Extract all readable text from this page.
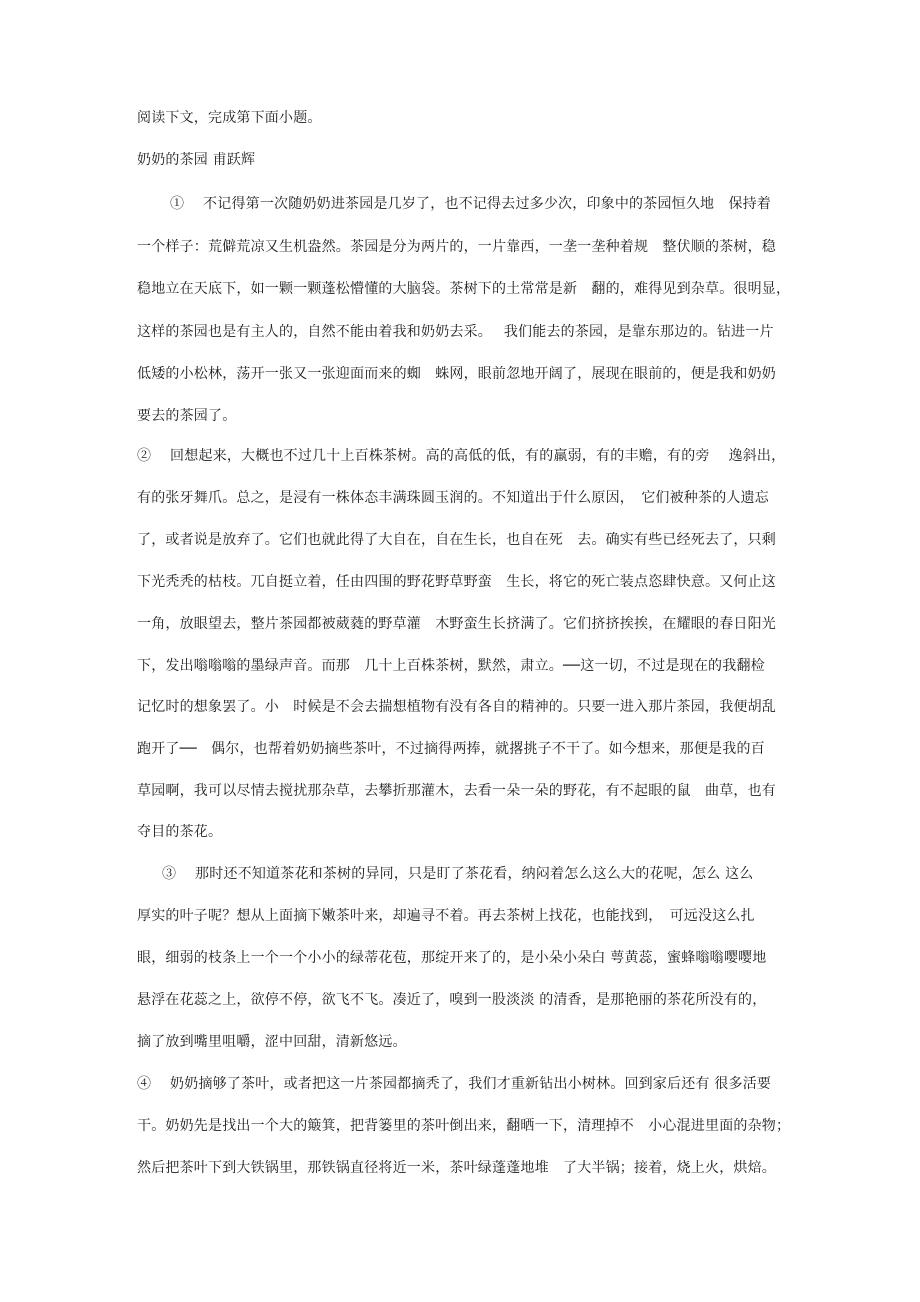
阅读下文，完成第下面小题。
奶奶的茶园 甫跃辉
①　 不记得第一次随奶奶进茶园是几岁了，也不记得去过多少次，印象中的茶园恒久地　保持着
一个样子：荒僻荒凉又生机盎然。茶园是分为两片的，一片靠西，一垄一垄种着规　整伏顺的茶树，稳
稳地立在天底下，如一颗一颗蓬松懵懂的大脑袋。茶树下的土常常是新　翻的，难得见到杂草。很明显，
这样的茶园也是有主人的，自然不能由着我和奶奶去采。　 我们能去的茶园，是靠东那边的。钻进一片
低矮的小松林，荡开一张又一张迎面而来的蜘　蛛网，眼前忽地开阔了，展现在眼前的，便是我和奶奶
要去的茶园了。
②　 回想起来，大概也不过几十上百株茶树。高的高低的低，有的羸弱，有的丰赡，有的旁　 逸斜出，
有的张牙舞爪。总之，是浸有一株体态丰满珠圆玉润的。不知道出于什么原因，　它们被种茶的人遗忘
了，或者说是放弃了。它们也就此得了大自在，自在生长，也自在死　去。确实有些已经死去了，只剩
下光秃秃的枯枝。兀自挺立着，任由四围的野花野草野蛮　生长，将它的死亡装点恣肆快意。又何止这
一角，放眼望去，整片茶园都被葳蕤的野草灌　木野蛮生长挤满了。它们挤挤挨挨，在耀眼的春日阳光
下，发出嗡嗡嗡的墨绿声音。而那　几十上百株茶树，默然，肃立。──这一切，不过是现在的我翻检
记忆时的想象罢了。小　时候是不会去揣想植物有没有各自的精神的。只要一进入那片茶园，我便胡乱
跑开了──　偶尔，也帮着奶奶摘些茶叶，不过摘得两捧，就撂挑子不干了。如今想来，那便是我的百
草园啊，我可以尽情去搅扰那杂草，去攀折那灌木，去看一朵一朵的野花，有不起眼的鼠　曲草，也有
夺目的茶花。
③　 那时还不知道茶花和茶树的异同，只是盯了茶花看，纳闷着怎么这么大的花呢，怎么 这么
厚实的叶子呢？想从上面摘下嫩茶叶来，却遍寻不着。再去茶树上找花，也能找到，　可远没这么扎
眼，细弱的枝条上一个一个小小的绿蒂花苞，那绽开来了的，是小朵小朵白 萼黄蕊，蜜蜂嗡嗡嘤嘤地
悬浮在花蕊之上，欲停不停，欲飞不飞。凑近了，嗅到一股淡淡 的清香，是那艳丽的茶花所没有的，
摘了放到嘴里咀嚼，涩中回甜，清新悠远。
④　 奶奶摘够了茶叶，或者把这一片茶园都摘秃了，我们才重新钻出小树林。回到家后还有 很多活要
干。奶奶先是找出一个大的簸箕，把背篓里的茶叶倒出来，翻晒一下，清理掉不　小心混进里面的杂物；
然后把茶叶下到大铁锅里，那铁锅直径将近一米，茶叶绿蓬蓬地堆　了大半锅；接着，烧上火，烘焙。
